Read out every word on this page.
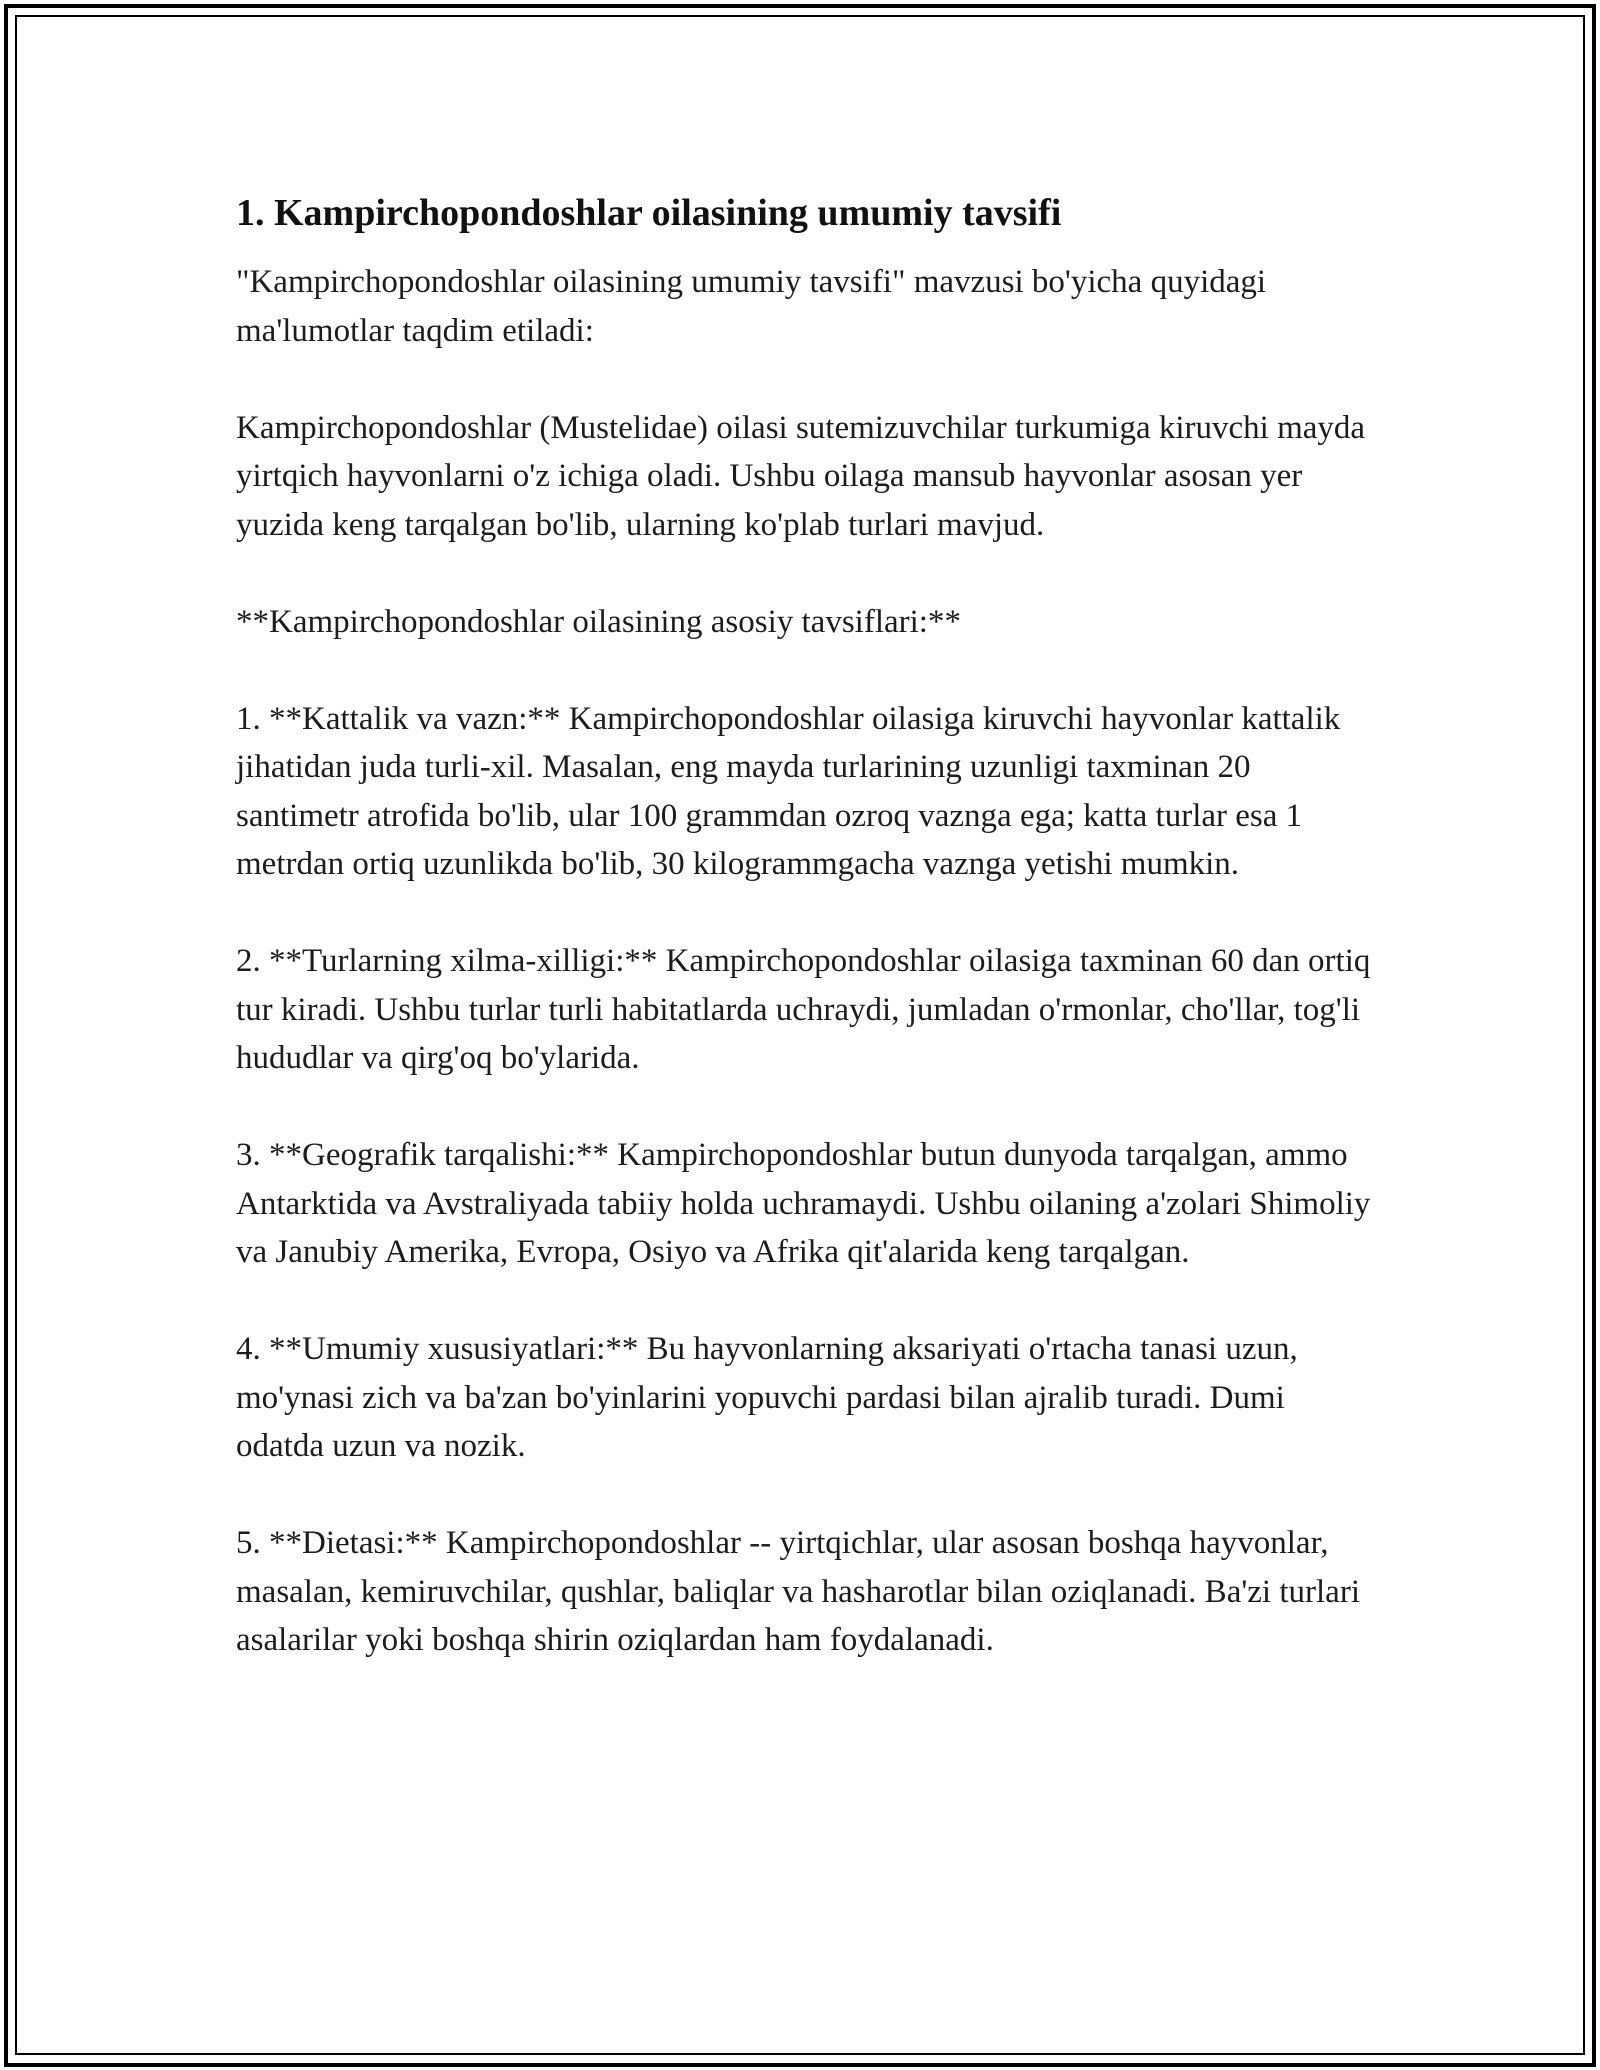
1. Kampirchopondoshlar oilasining umumiy tavsifi

"Kampirchopondoshlar oilasining umumiy tavsifi" mavzusi bo'yicha quyidagi ma'lumotlar taqdim etiladi:

Kampirchopondoshlar (Mustelidae) oilasi sutemizuvchilar turkumiga kiruvchi mayda yirtqich hayvonlarni o'z ichiga oladi. Ushbu oilaga mansub hayvonlar asosan yer yuzida keng tarqalgan bo'lib, ularning ko'plab turlari mavjud.

**Kampirchopondoshlar oilasining asosiy tavsiflari:**

1. **Kattalik va vazn:** Kampirchopondoshlar oilasiga kiruvchi hayvonlar kattalik jihatidan juda turli-xil. Masalan, eng mayda turlarining uzunligi taxminan 20 santimetr atrofida bo'lib, ular 100 grammdan ozroq vaznga ega; katta turlar esa 1 metrdan ortiq uzunlikda bo'lib, 30 kilogrammgacha vaznga yetishi mumkin.

2. **Turlarning xilma-xilligi:** Kampirchopondoshlar oilasiga taxminan 60 dan ortiq tur kiradi. Ushbu turlar turli habitatlarda uchraydi, jumladan o'rmonlar, cho'llar, tog'li hududlar va qirg'oq bo'ylarida.

3. **Geografik tarqalishi:** Kampirchopondoshlar butun dunyoda tarqalgan, ammo Antarktida va Avstraliyada tabiiy holda uchramaydi. Ushbu oilaning a'zolari Shimoliy va Janubiy Amerika, Evropa, Osiyo va Afrika qit'alarida keng tarqalgan.

4. **Umumiy xususiyatlari:** Bu hayvonlarning aksariyati o'rtacha tanasi uzun, mo'ynasi zich va ba'zan bo'yinlarini yopuvchi pardasi bilan ajralib turadi. Dumi odatda uzun va nozik.

5. **Dietasi:** Kampirchopondoshlar -- yirtqichlar, ular asosan boshqa hayvonlar, masalan, kemiruvchilar, qushlar, baliqlar va hasharotlar bilan oziqlanadi. Ba'zi turlari asalarilar yoki boshqa shirin oziqlardan ham foydalanadi.
